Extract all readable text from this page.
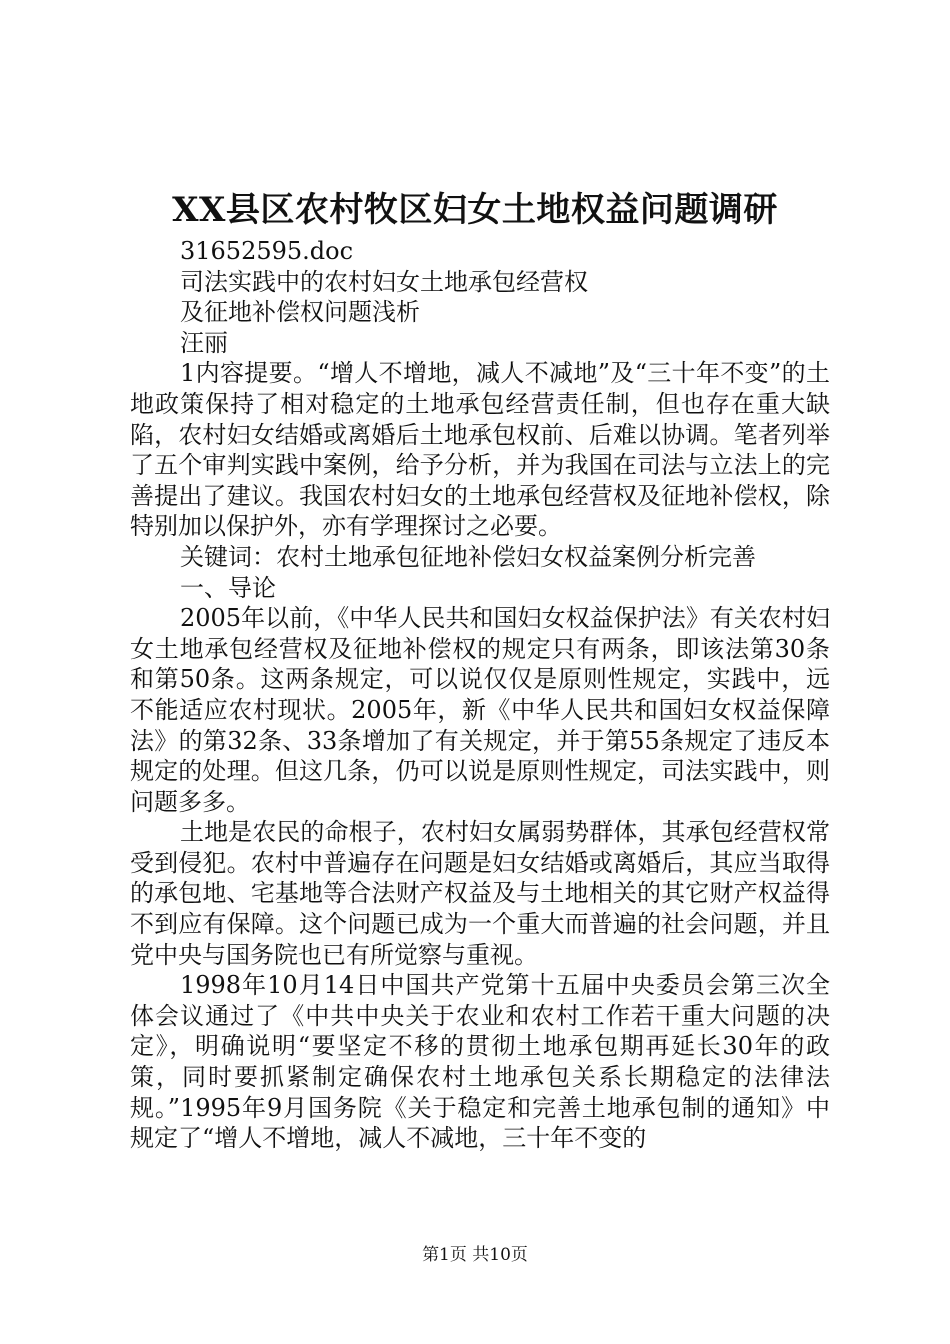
XX县区农村牧区妇女土地权益问题调研

31652595.doc

司法实践中的农村妇女土地承包经营权

及征地补偿权问题浅析

汪丽

1内容提要。“增人不增地，减人不减地”及“三十年不变”的土地政策保持了相对稳定的土地承包经营责任制，但也存在重大缺陷，农村妇女结婚或离婚后土地承包权前、后难以协调。笔者列举了五个审判实践中案例，给予分析，并为我国在司法与立法上的完善提出了建议。我国农村妇女的土地承包经营权及征地补偿权，除特别加以保护外，亦有学理探讨之必要。

关键词：农村土地承包征地补偿妇女权益案例分析完善

一、导论

2005年以前，《中华人民共和国妇女权益保护法》有关农村妇女土地承包经营权及征地补偿权的规定只有两条，即该法第30条和第50条。这两条规定，可以说仅仅是原则性规定，实践中，远不能适应农村现状。2005年，新《中华人民共和国妇女权益保障法》的第32条、33条增加了有关规定，并于第55条规定了违反本规定的处理。但这几条，仍可以说是原则性规定，司法实践中，则问题多多。

土地是农民的命根子，农村妇女属弱势群体，其承包经营权常受到侵犯。农村中普遍存在问题是妇女结婚或离婚后，其应当取得的承包地、宅基地等合法财产权益及与土地相关的其它财产权益得不到应有保障。这个问题已成为一个重大而普遍的社会问题，并且党中央与国务院也已有所觉察与重视。

1998年10月14日中国共产党第十五届中央委员会第三次全体会议通过了《中共中央关于农业和农村工作若干重大问题的决定》，明确说明“要坚定不移的贯彻土地承包期再延长30年的政策，同时要抓紧制定确保农村土地承包关系长期稳定的法律法规。”1995年9月国务院《关于稳定和完善土地承包制的通知》中规定了“增人不增地，减人不减地，三十年不变的

第1页 共10页
